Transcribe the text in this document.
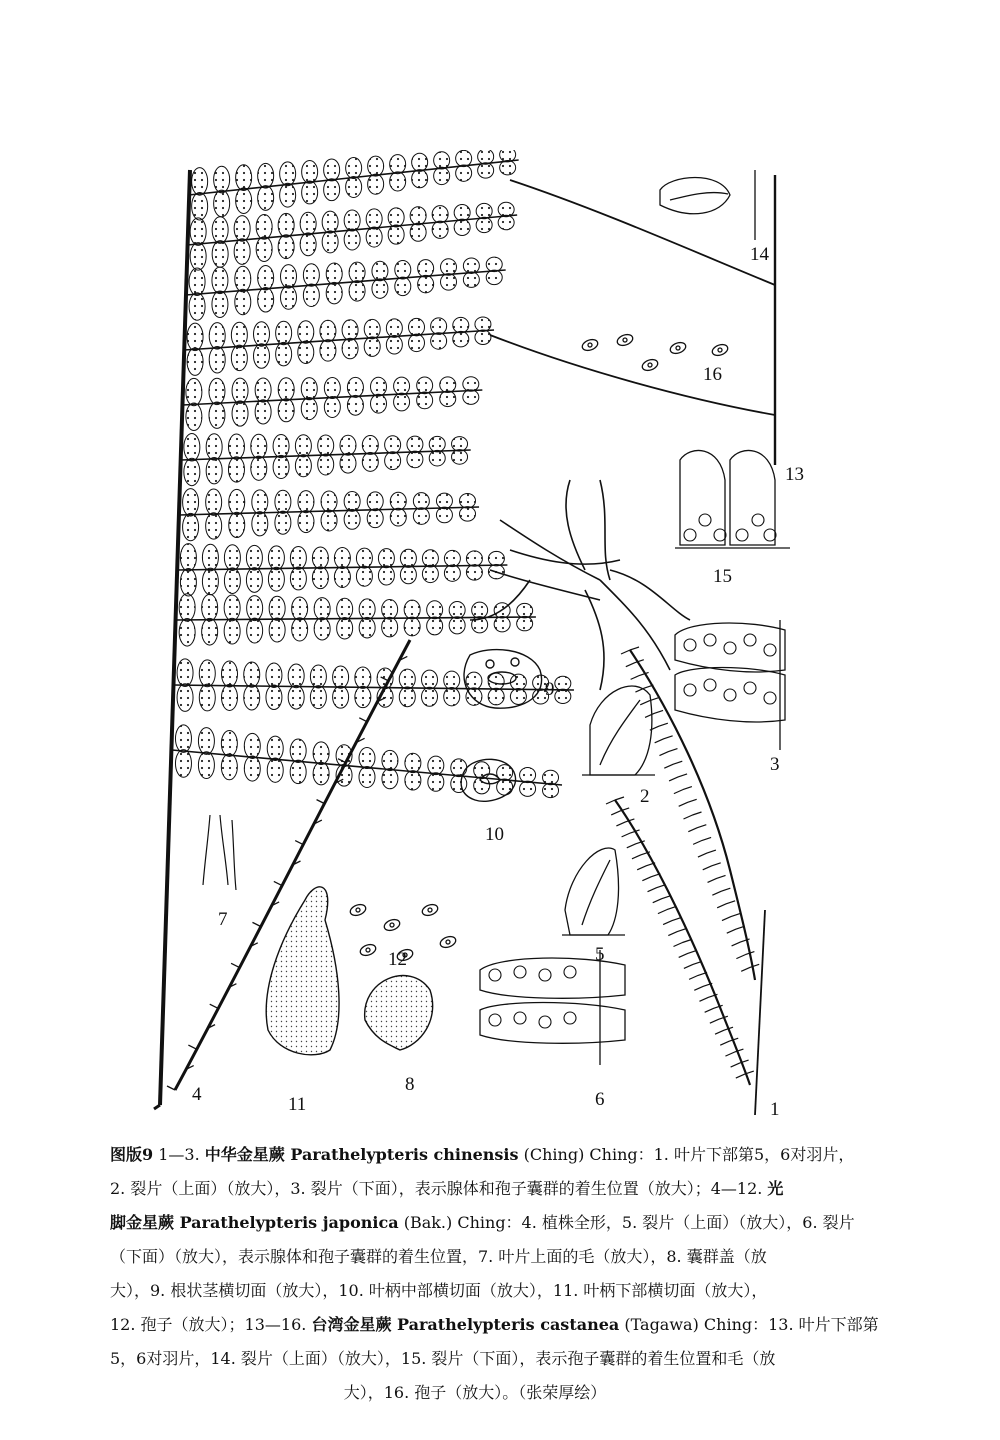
1
2
3
4
5
6
7
8
9
10
11
12
13
14
15
16
图版9 1—3. 中华金星蕨 Parathelypteris chinensis (Ching) Ching：1. 叶片下部第5，6对羽片，
2. 裂片（上面）（放大），3. 裂片（下面），表示腺体和孢子囊群的着生位置（放大）；4—12. 光
脚金星蕨 Parathelypteris japonica (Bak.) Ching：4. 植株全形，5. 裂片（上面）（放大），6. 裂片
（下面）（放大），表示腺体和孢子囊群的着生位置，7. 叶片上面的毛（放大），8. 囊群盖（放
大），9. 根状茎横切面（放大），10. 叶柄中部横切面（放大），11. 叶柄下部横切面（放大），
12. 孢子（放大）；13—16. 台湾金星蕨 Parathelypteris castanea (Tagawa) Ching：13. 叶片下部第
5，6对羽片，14. 裂片（上面）（放大），15. 裂片（下面），表示孢子囊群的着生位置和毛（放
大），16. 孢子（放大）。（张荣厚绘）
